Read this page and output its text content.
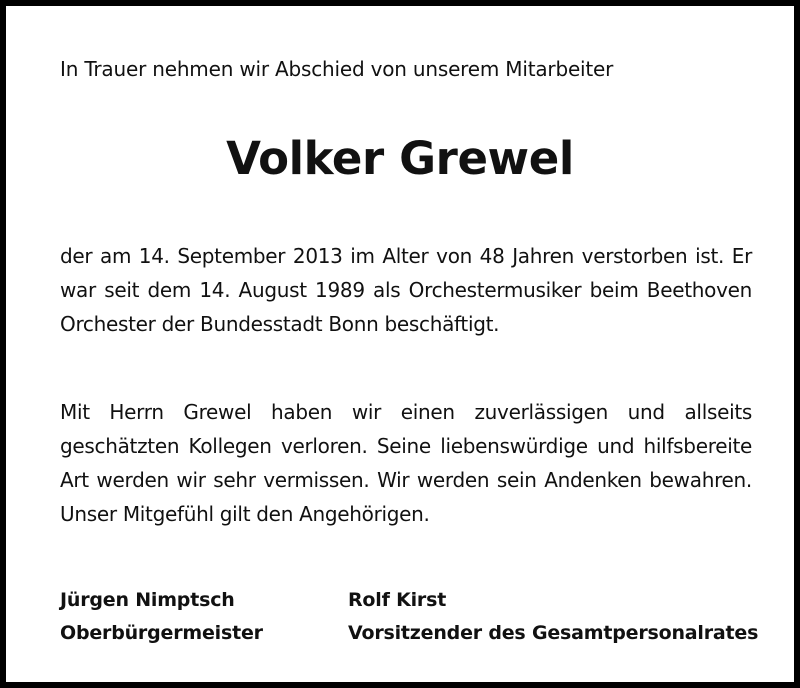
In Trauer nehmen wir Abschied von unserem Mitarbeiter
Volker Grewel
der am 14. September 2013 im Alter von 48 Jahren verstorben ist. Er war seit dem 14. August 1989 als Orchestermusiker beim Beethoven Orchester der Bundesstadt Bonn beschäftigt.
Mit Herrn Grewel haben wir einen zuverlässigen und allseits geschätzten Kollegen verloren. Seine liebenswürdige und hilfsbereite Art werden wir sehr vermissen. Wir werden sein Andenken bewahren. Unser Mitgefühl gilt den Angehörigen.
Jürgen Nimptsch
Oberbürgermeister
Rolf Kirst
Vorsitzender des Gesamtpersonalrates
